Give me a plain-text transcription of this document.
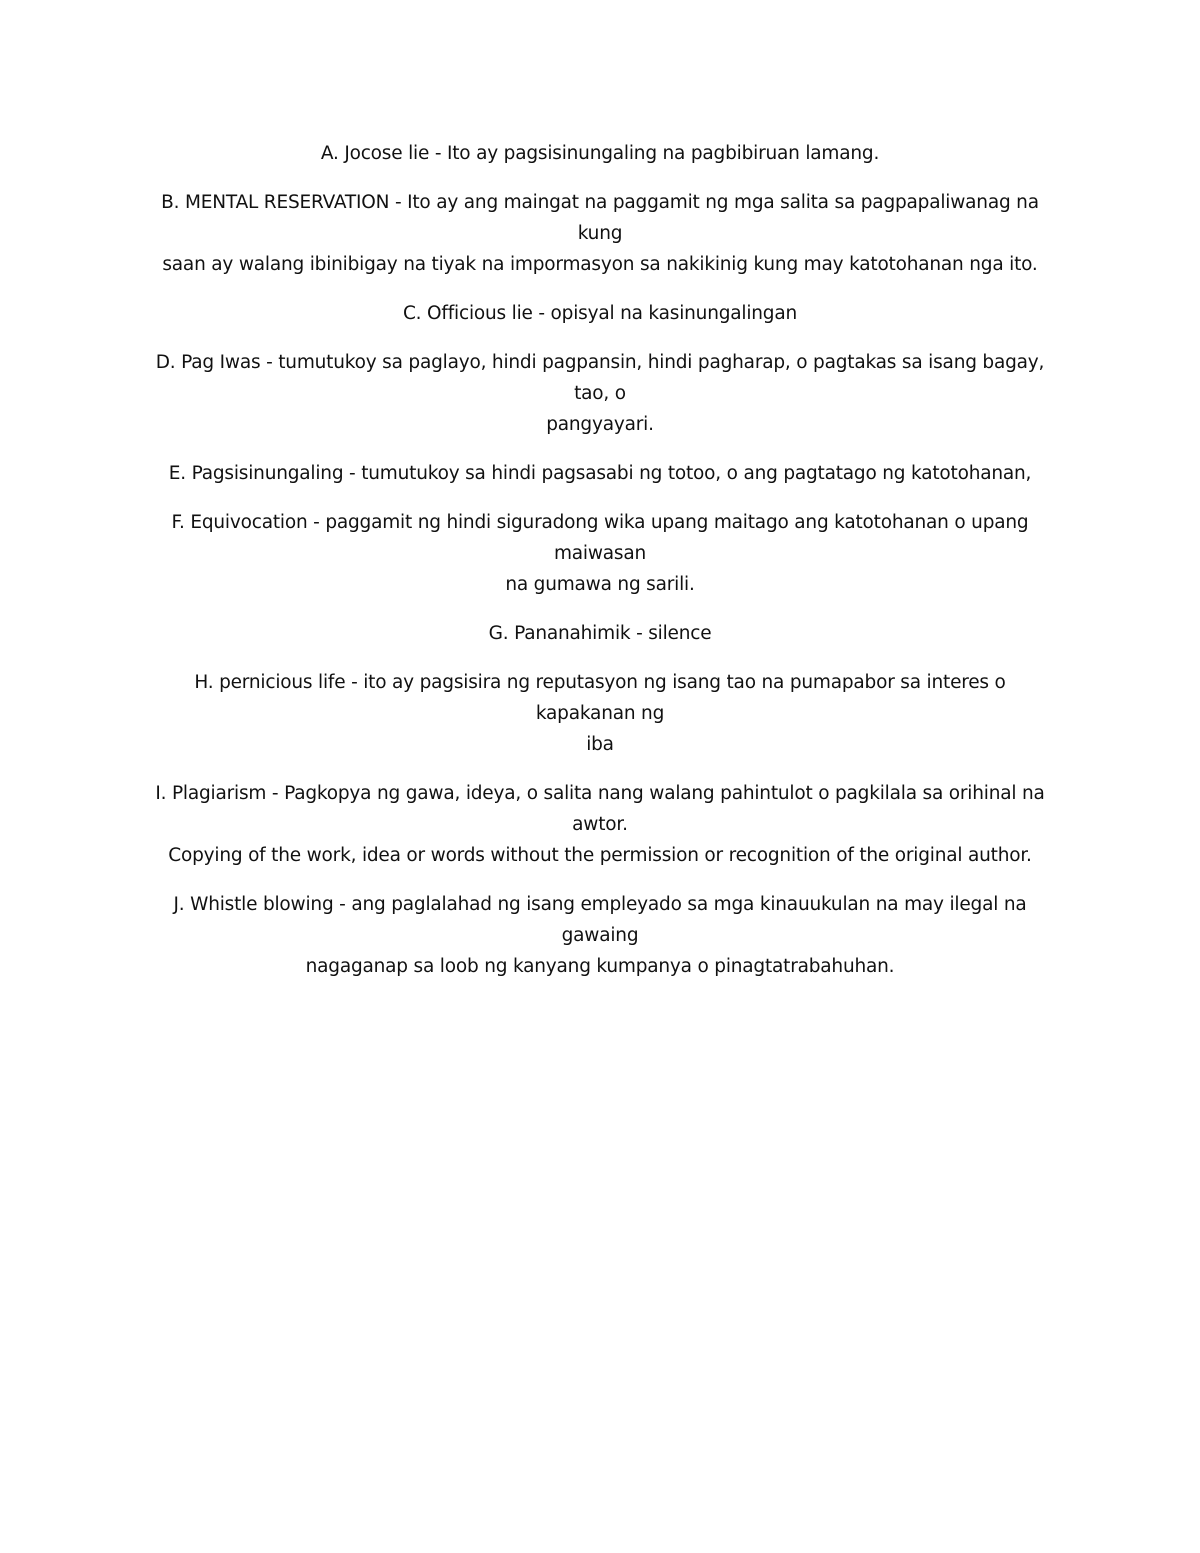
A. Jocose lie - Ito ay pagsisinungaling na pagbibiruan lamang.

B. MENTAL RESERVATION - Ito ay ang maingat na paggamit ng mga salita sa pagpapaliwanag na kung
saan ay walang ibinibigay na tiyak na impormasyon sa nakikinig kung may katotohanan nga ito.

C. Officious lie - opisyal na kasinungalingan

D. Pag Iwas - tumutukoy sa paglayo, hindi pagpansin, hindi pagharap, o pagtakas sa isang bagay, tao, o
pangyayari.

E. Pagsisinungaling - tumutukoy sa hindi pagsasabi ng totoo, o ang pagtatago ng katotohanan,

F. Equivocation - paggamit ng hindi siguradong wika upang maitago ang katotohanan o upang maiwasan
na gumawa ng sarili.

G. Pananahimik - silence

H. pernicious life - ito ay pagsisira ng reputasyon ng isang tao na pumapabor sa interes o kapakanan ng
iba

I. Plagiarism - Pagkopya ng gawa, ideya, o salita nang walang pahintulot o pagkilala sa orihinal na awtor.
Copying of the work, idea or words without the permission or recognition of the original author.

J. Whistle blowing - ang paglalahad ng isang empleyado sa mga kinauukulan na may ilegal na gawaing
nagaganap sa loob ng kanyang kumpanya o pinagtatrabahuhan.
